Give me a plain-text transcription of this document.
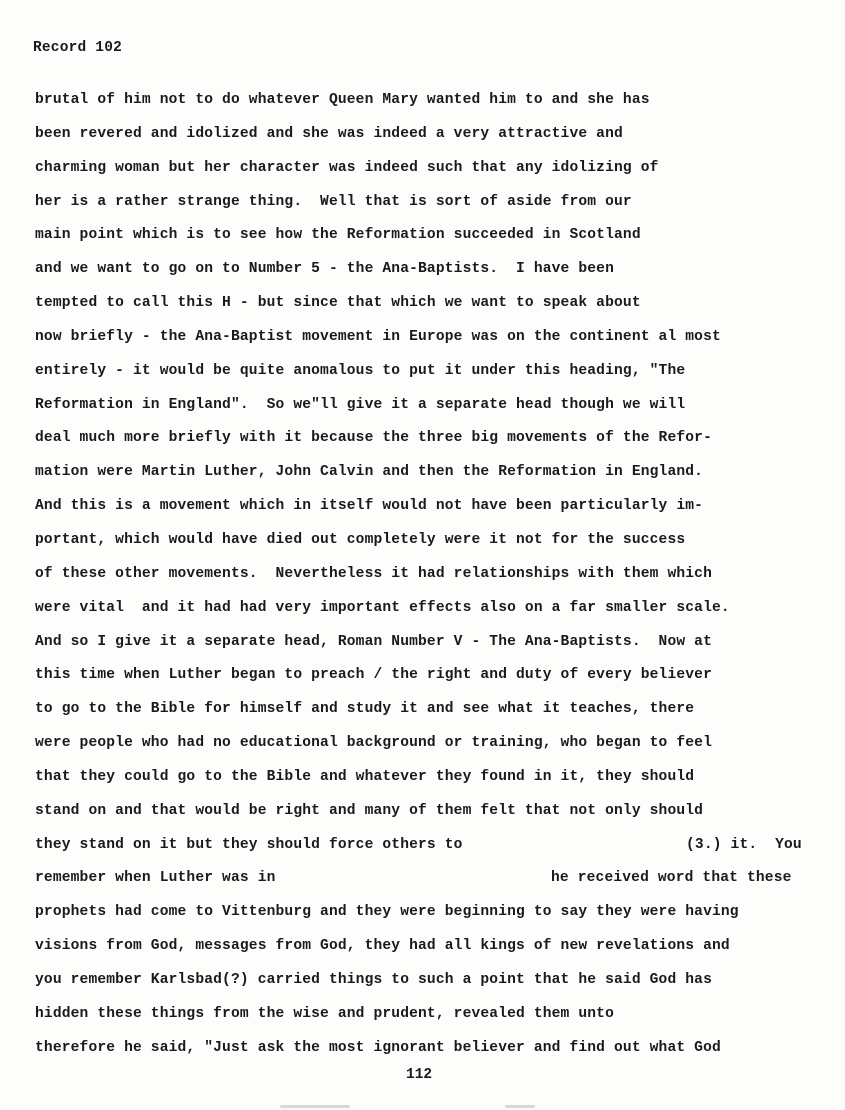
Record 102
brutal of him not to do whatever Queen Mary wanted him to and she has
been revered and idolized and she was indeed a very attractive and
charming woman but her character was indeed such that any idolizing of
her is a rather strange thing.  Well that is sort of aside from our
main point which is to see how the Reformation succeeded in Scotland
and we want to go on to Number 5 - the Ana-Baptists.  I have been
tempted to call this H - but since that which we want to speak about
now briefly - the Ana-Baptist movement in Europe was on the continent al most
entirely - it would be quite anomalous to put it under this heading, "The
Reformation in England".  So we"ll give it a separate head though we will
deal much more briefly with it because the three big movements of the Refor-
mation were Martin Luther, John Calvin and then the Reformation in England.
And this is a movement which in itself would not have been particularly im-
portant, which would have died out completely were it not for the success
of these other movements.  Nevertheless it had relationships with them which
were vital  and it had had very important effects also on a far smaller scale.
And so I give it a separate head, Roman Number V - The Ana-Baptists.  Now at
this time when Luther began to preach / the right and duty of every believer
to go to the Bible for himself and study it and see what it teaches, there
were people who had no educational background or training, who began to feel
that they could go to the Bible and whatever they found in it, they should
stand on and that would be right and many of them felt that not only should

they stand on it but they should force others to

	(3.) it.  You

remember when Luther was in

	he received word that these

prophets had come to Vittenburg and they were beginning to say they were having
visions from God, messages from God, they had all kings of new revelations and
you remember Karlsbad(?) carried things to such a point that he said God has
hidden these things from the wise and prudent, revealed them unto
therefore he said, "Just ask the most ignorant believer and find out what God
112
